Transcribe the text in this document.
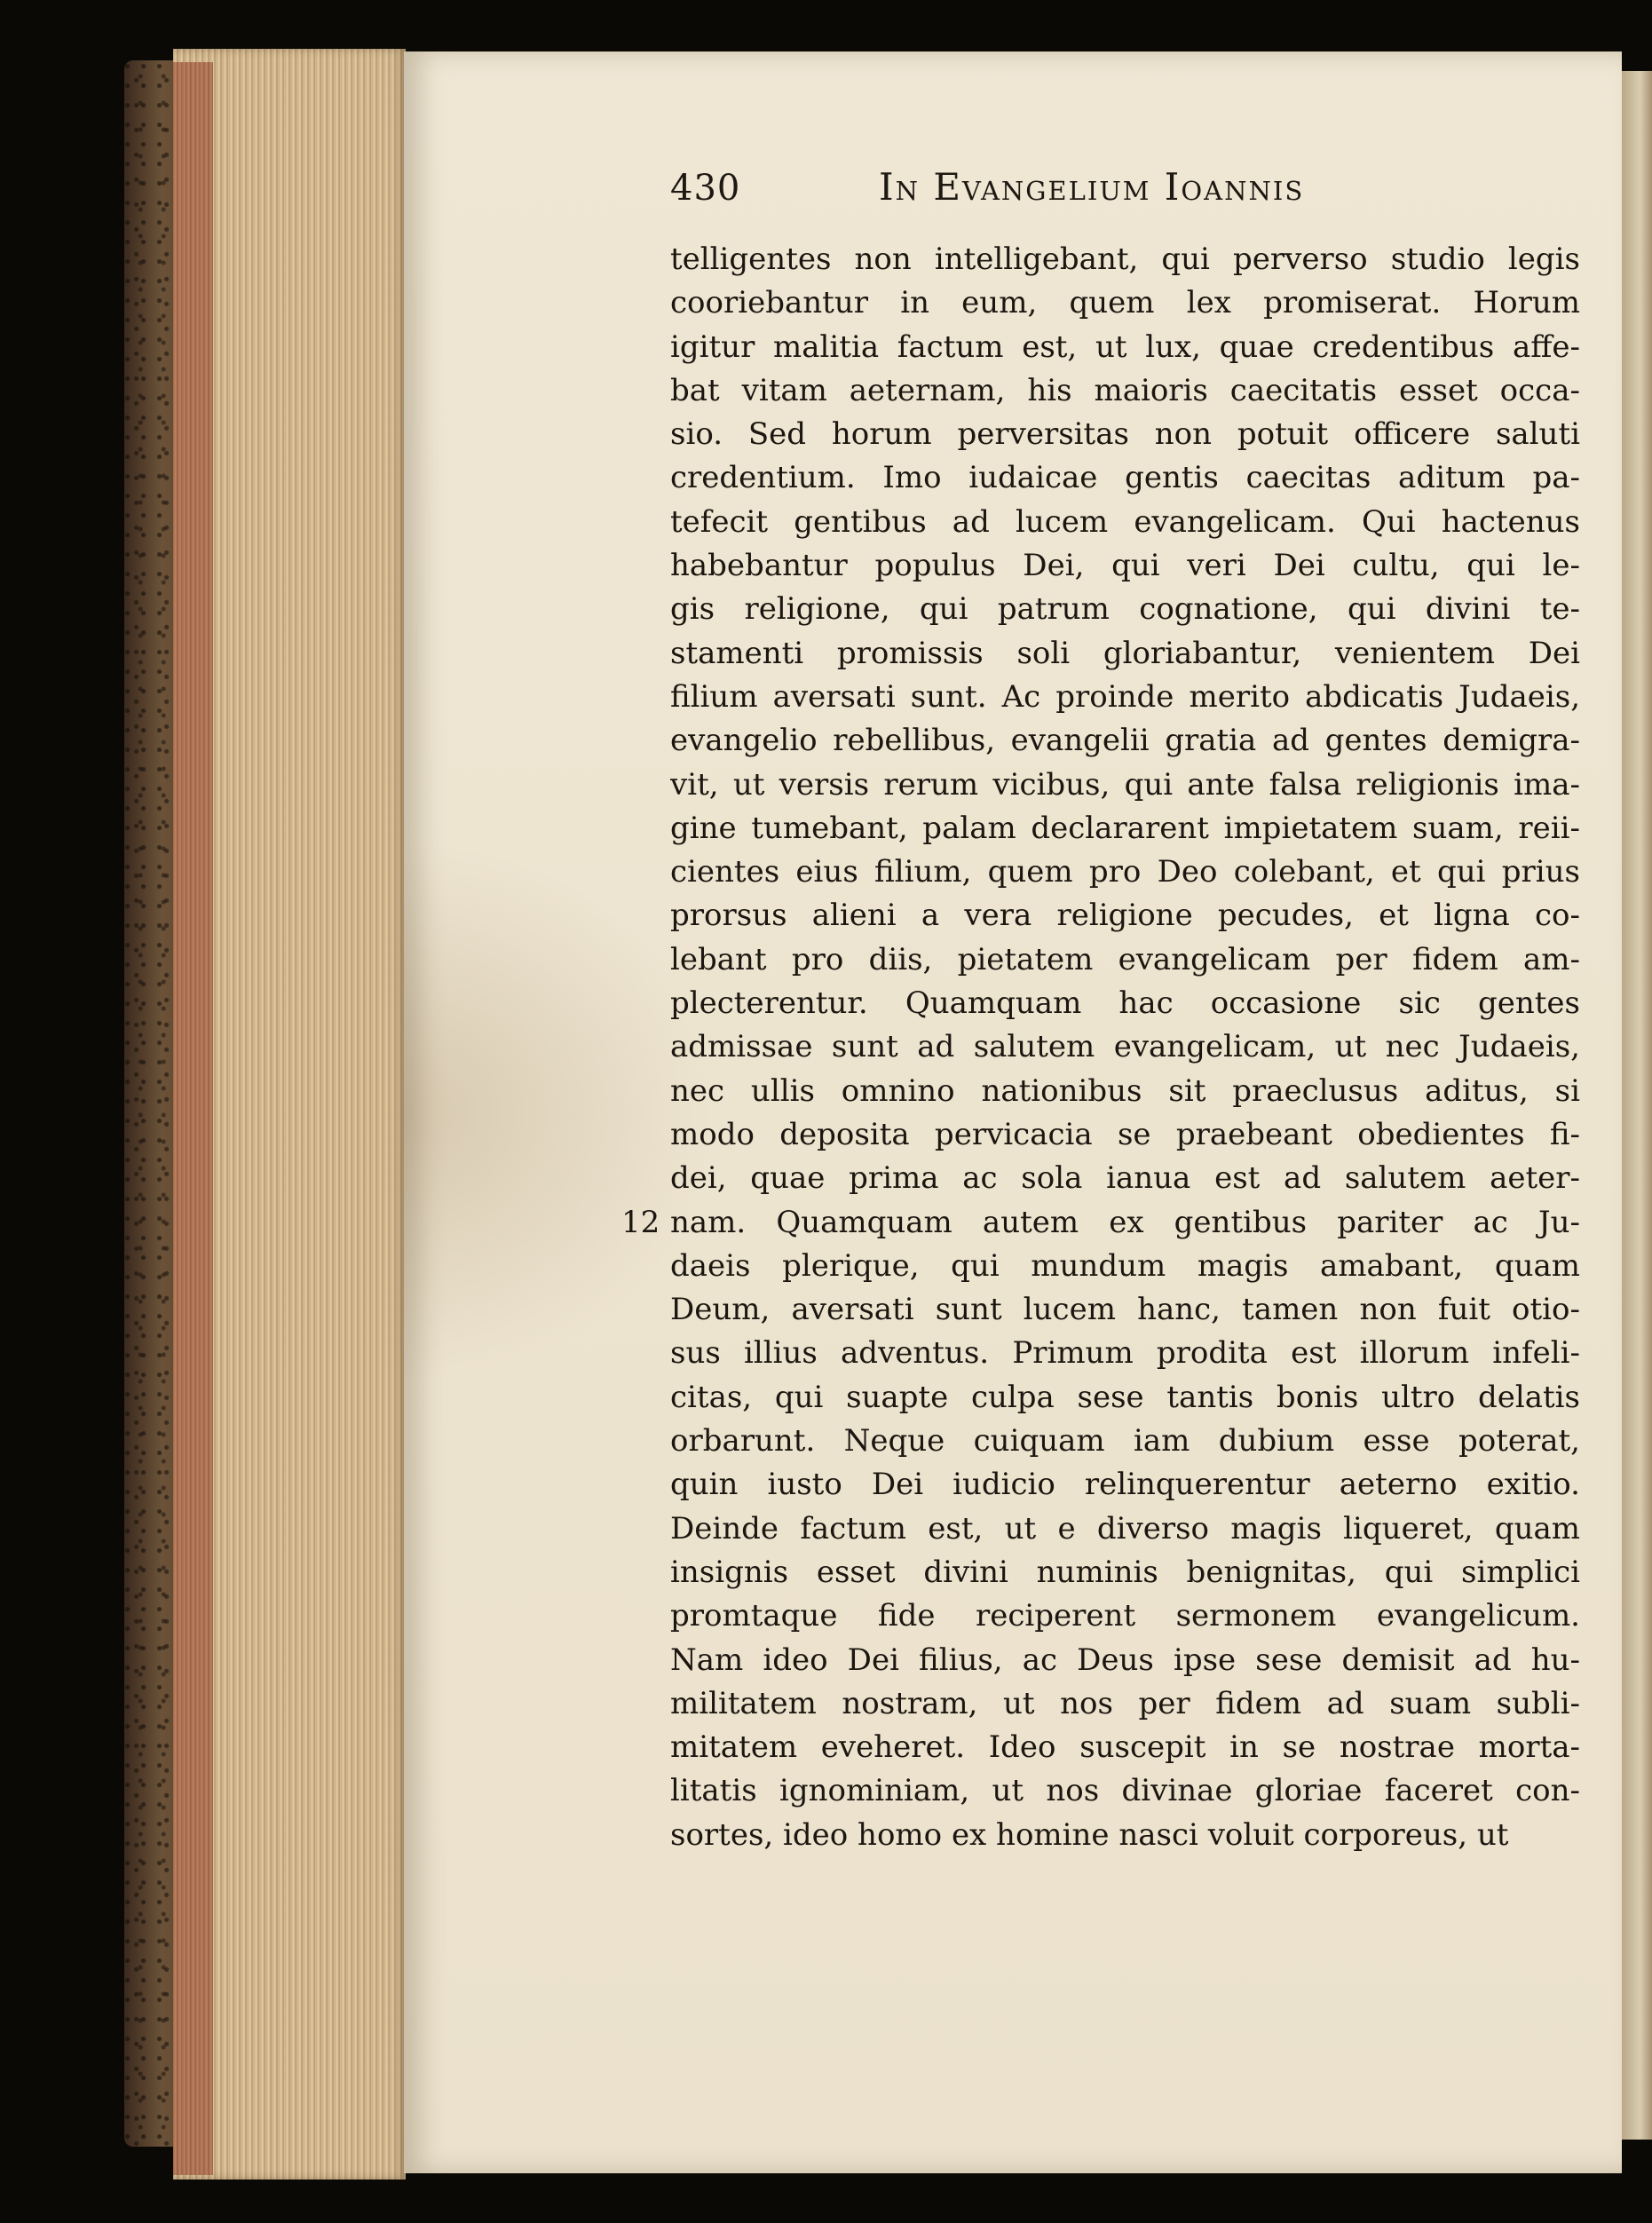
430	In Evangelium Ioannis
12
telligentes non intelligebant, qui perverso studio legis
cooriebantur in eum, quem lex promiserat. Horum
igitur malitia factum est, ut lux, quae credentibus affe-
bat vitam aeternam, his maioris caecitatis esset occa-
sio. Sed horum perversitas non potuit officere saluti
credentium. Imo iudaicae gentis caecitas aditum pa-
tefecit gentibus ad lucem evangelicam. Qui hactenus
habebantur populus Dei, qui veri Dei cultu, qui le-
gis religione, qui patrum cognatione, qui divini te-
stamenti promissis soli gloriabantur, venientem Dei
filium aversati sunt. Ac proinde merito abdicatis Judaeis,
evangelio rebellibus, evangelii gratia ad gentes demigra-
vit, ut versis rerum vicibus, qui ante falsa religionis ima-
gine tumebant, palam declararent impietatem suam, reii-
cientes eius filium, quem pro Deo colebant, et qui prius
prorsus alieni a vera religione pecudes, et ligna co-
lebant pro diis, pietatem evangelicam per fidem am-
plecterentur. Quamquam hac occasione sic gentes
admissae sunt ad salutem evangelicam, ut nec Judaeis,
nec ullis omnino nationibus sit praeclusus aditus, si
modo deposita pervicacia se praebeant obedientes fi-
dei, quae prima ac sola ianua est ad salutem aeter-
nam. Quamquam autem ex gentibus pariter ac Ju-
daeis plerique, qui mundum magis amabant, quam
Deum, aversati sunt lucem hanc, tamen non fuit otio-
sus illius adventus. Primum prodita est illorum infeli-
citas, qui suapte culpa sese tantis bonis ultro delatis
orbarunt. Neque cuiquam iam dubium esse poterat,
quin iusto Dei iudicio relinquerentur aeterno exitio.
Deinde factum est, ut e diverso magis liqueret, quam
insignis esset divini numinis benignitas, qui simplici
promtaque fide reciperent sermonem evangelicum.
Nam ideo Dei filius, ac Deus ipse sese demisit ad hu-
militatem nostram, ut nos per fidem ad suam subli-
mitatem eveheret. Ideo suscepit in se nostrae morta-
litatis ignominiam, ut nos divinae gloriae faceret con-
sortes, ideo homo ex homine nasci voluit corporeus, ut
